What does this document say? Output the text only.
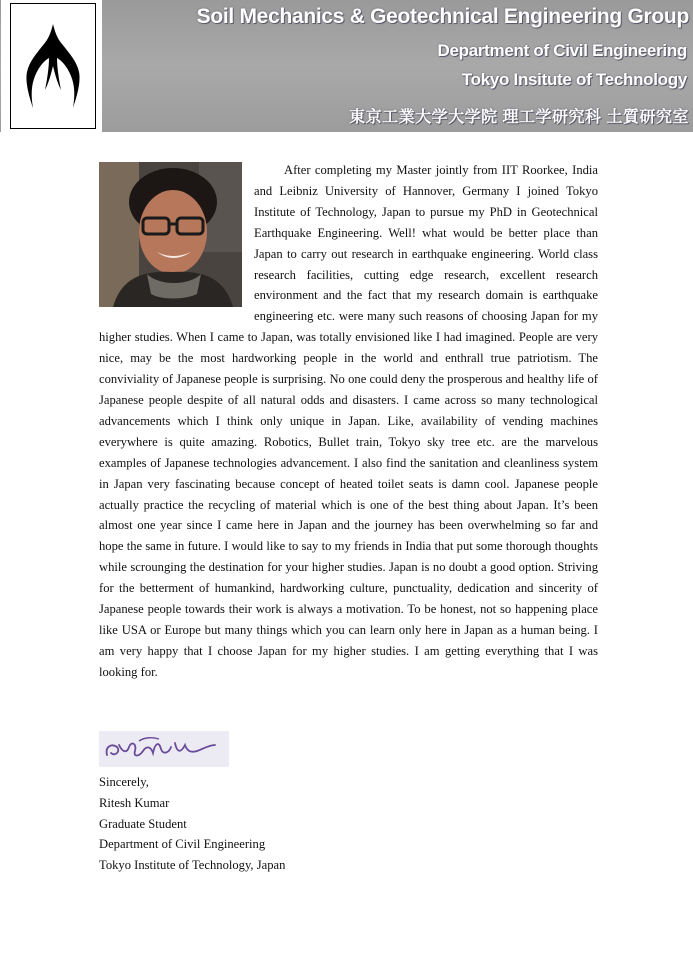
Soil Mechanics & Geotechnical Engineering Group
Department of Civil Engineering
Tokyo Insitute of Technology
東京工業大学大学院 理工学研究科 土質研究室

After completing my Master jointly from IIT Roorkee, India and Leibniz University of Hannover, Germany I joined Tokyo Institute of Technology, Japan to pursue my PhD in Geotechnical Earthquake Engineering. Well! what would be better place than Japan to carry out research in earthquake engineering. World class research facilities, cutting edge research, excellent research environment and the fact that my research domain is earthquake engineering etc. were many such reasons of choosing Japan for my higher studies. When I came to Japan, was totally envisioned like I had imagined. People are very nice, may be the most hardworking people in the world and enthrall true patriotism. The conviviality of Japanese people is surprising. No one could deny the prosperous and healthy life of Japanese people despite of all natural odds and disasters. I came across so many technological advancements which I think only unique in Japan. Like, availability of vending machines everywhere is quite amazing. Robotics, Bullet train, Tokyo sky tree etc. are the marvelous examples of Japanese technologies advancement. I also find the sanitation and cleanliness system in Japan very fascinating because concept of heated toilet seats is damn cool. Japanese people actually practice the recycling of material which is one of the best thing about Japan. It’s been almost one year since I came here in Japan and the journey has been overwhelming so far and hope the same in future. I would like to say to my friends in India that put some thorough thoughts while scrounging the destination for your higher studies. Japan is no doubt a good option. Striving for the betterment of humankind, hardworking culture, punctuality, dedication and sincerity of Japanese people towards their work is always a motivation. To be honest, not so happening place like USA or Europe but many things which you can learn only here in Japan as a human being. I am very happy that I choose Japan for my higher studies. I am getting everything that I was looking for.

Sincerely,
Ritesh Kumar
Graduate Student
Department of Civil Engineering
Tokyo Institute of Technology, Japan
